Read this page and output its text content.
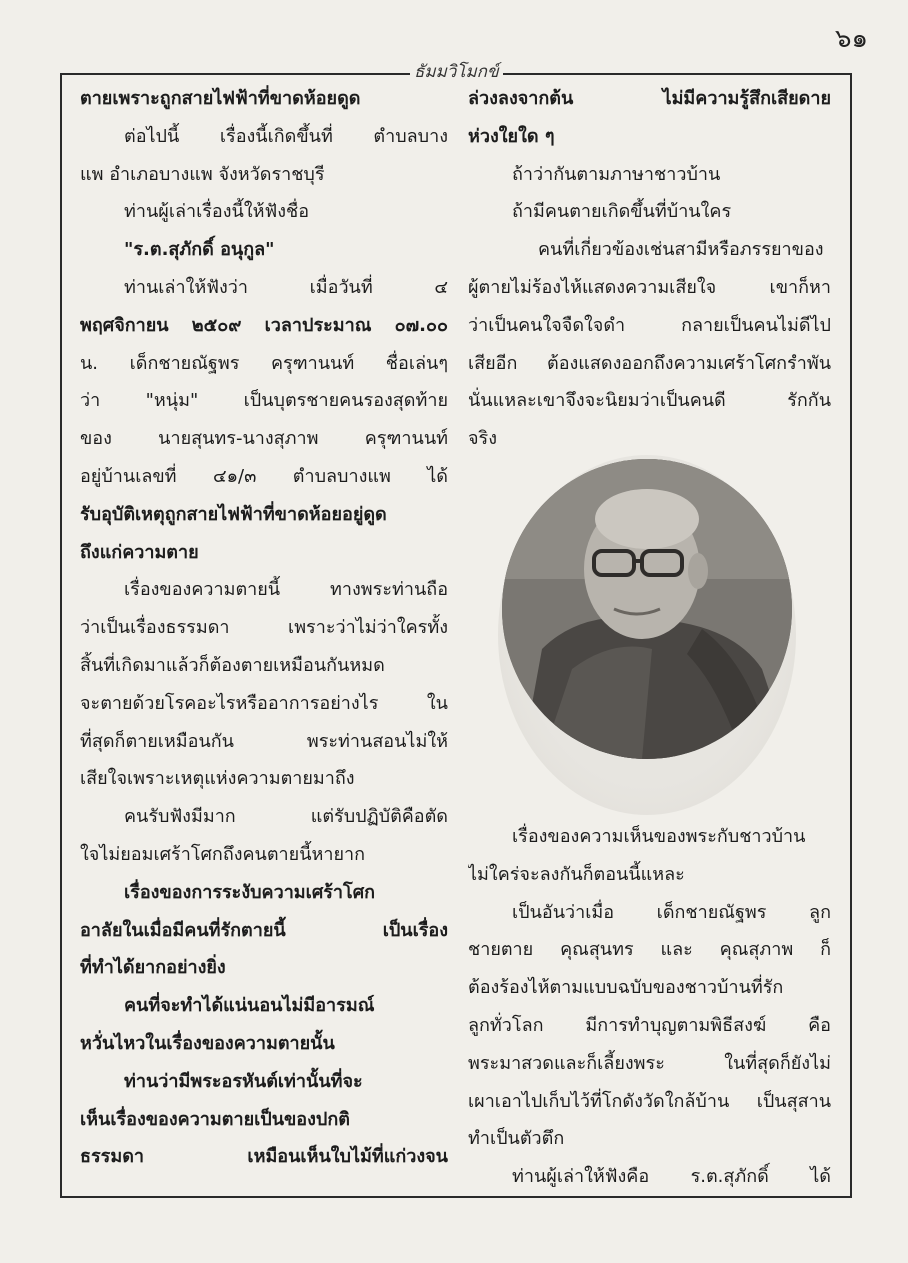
๖๑
ธัมมวิโมกข์
ตายเพราะถูกสายไฟฟ้าที่ขาดห้อยดูด
ต่อไปนี้ เรื่องนี้เกิดขึ้นที่ ตำบลบาง
แพ อำเภอบางแพ จังหวัดราชบุรี
ท่านผู้เล่าเรื่องนี้ให้ฟังชื่อ
"ร.ต.สุภักดิ์ อนุกูล"
ท่านเล่าให้ฟังว่า เมื่อวันที่ ๔
พฤศจิกายน ๒๕๐๙ เวลาประมาณ ๐๗.๐๐
น. เด็กชายณัฐพร ครุฑานนท์ ชื่อเล่นๆ
ว่า "หนุ่ม" เป็นบุตรชายคนรองสุดท้าย
ของ นายสุนทร-นางสุภาพ ครุฑานนท์
อยู่บ้านเลขที่ ๔๑/๓ ตำบลบางแพ ได้
รับอุบัติเหตุถูกสายไฟฟ้าที่ขาดห้อยอยู่ดูด
ถึงแก่ความตาย
เรื่องของความตายนี้ ทางพระท่านถือ
ว่าเป็นเรื่องธรรมดา เพราะว่าไม่ว่าใครทั้ง
สิ้นที่เกิดมาแล้วก็ต้องตายเหมือนกันหมด
จะตายด้วยโรคอะไรหรืออาการอย่างไร ใน
ที่สุดก็ตายเหมือนกัน พระท่านสอนไม่ให้
เสียใจเพราะเหตุแห่งความตายมาถึง
คนรับฟังมีมาก แต่รับปฏิบัติคือตัด
ใจไม่ยอมเศร้าโศกถึงคนตายนี้หายาก
เรื่องของการระงับความเศร้าโศก
อาลัยในเมื่อมีคนที่รักตายนี้ เป็นเรื่อง
ที่ทำได้ยากอย่างยิ่ง
คนที่จะทำได้แน่นอนไม่มีอารมณ์
หวั่นไหวในเรื่องของความตายนั้น
ท่านว่ามีพระอรหันต์เท่านั้นที่จะ
เห็นเรื่องของความตายเป็นของปกติ
ธรรมดา เหมือนเห็นใบไม้ที่แก่วงจน
ล่วงลงจากต้น ไม่มีความรู้สึกเสียดาย
ห่วงใยใด ๆ
ถ้าว่ากันตามภาษาชาวบ้าน
ถ้ามีคนตายเกิดขึ้นที่บ้านใคร
คนที่เกี่ยวข้องเช่นสามีหรือภรรยาของ
ผู้ตายไม่ร้องไห้แสดงความเสียใจ เขาก็หา
ว่าเป็นคนใจจืดใจดำ กลายเป็นคนไม่ดีไป
เสียอีก ต้องแสดงออกถึงความเศร้าโศกรำพัน
นั่นแหละเขาจึงจะนิยมว่าเป็นคนดี รักกัน
จริง
เรื่องของความเห็นของพระกับชาวบ้าน
ไม่ใคร่จะลงกันก็ตอนนี้แหละ
เป็นอันว่าเมื่อ เด็กชายณัฐพร ลูก
ชายตาย คุณสุนทร และ คุณสุภาพ ก็
ต้องร้องไห้ตามแบบฉบับของชาวบ้านที่รัก
ลูกทั่วโลก มีการทำบุญตามพิธีสงฆ์ คือ
พระมาสวดและก็เลี้ยงพระ ในที่สุดก็ยังไม่
เผาเอาไปเก็บไว้ที่โกดังวัดใกล้บ้าน เป็นสุสาน
ทำเป็นตัวตึก
ท่านผู้เล่าให้ฟังคือ ร.ต.สุภักดิ์ ได้
